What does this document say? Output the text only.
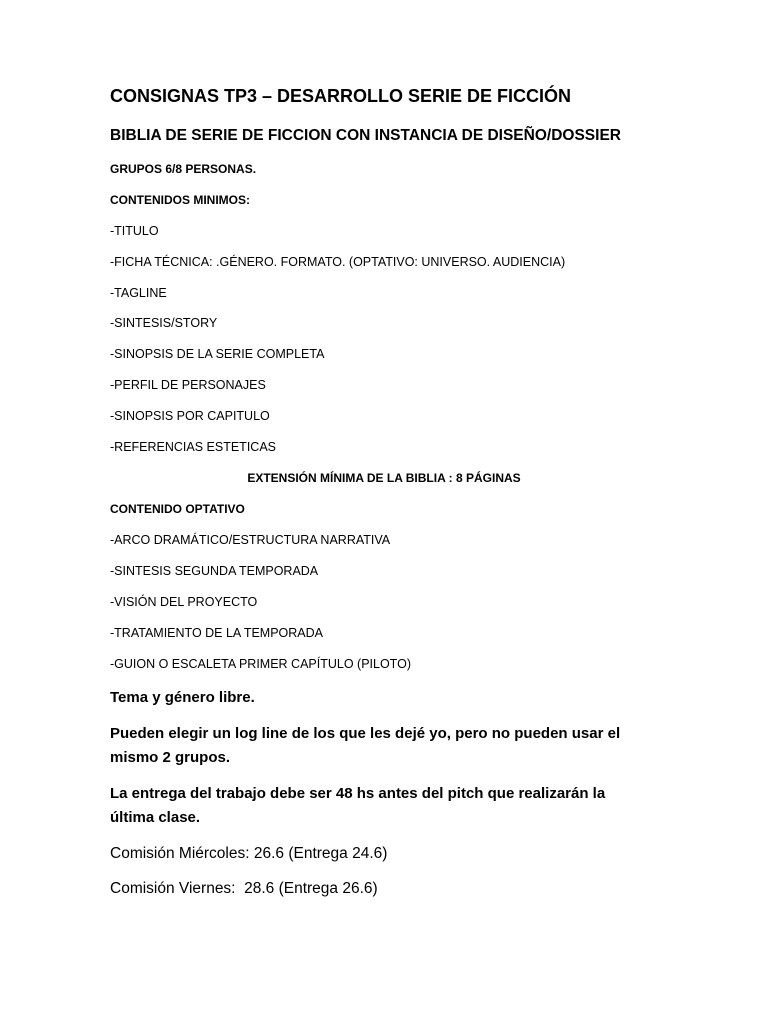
CONSIGNAS TP3 – DESARROLLO SERIE DE FICCIÓN
BIBLIA DE SERIE DE FICCION CON INSTANCIA DE DISEÑO/DOSSIER
GRUPOS 6/8 PERSONAS.
CONTENIDOS MINIMOS:
-TITULO
-FICHA TÉCNICA: .GÉNERO. FORMATO. (OPTATIVO: UNIVERSO. AUDIENCIA)
-TAGLINE
-SINTESIS/STORY
-SINOPSIS DE LA SERIE COMPLETA
-PERFIL DE PERSONAJES
-SINOPSIS POR CAPITULO
-REFERENCIAS ESTETICAS
EXTENSIÓN MÍNIMA DE LA BIBLIA : 8 PÁGINAS
CONTENIDO OPTATIVO
-ARCO DRAMÁTICO/ESTRUCTURA NARRATIVA
-SINTESIS SEGUNDA TEMPORADA
-VISIÓN DEL PROYECTO
-TRATAMIENTO DE LA TEMPORADA
-GUION O ESCALETA PRIMER CAPÍTULO (PILOTO)
Tema y género libre.
Pueden elegir un log line de los que les dejé yo, pero no pueden usar el mismo 2 grupos.
La entrega del trabajo debe ser 48 hs antes del pitch que realizarán la última clase.
Comisión Miércoles: 26.6 (Entrega 24.6)
Comisión Viernes:  28.6 (Entrega 26.6)
